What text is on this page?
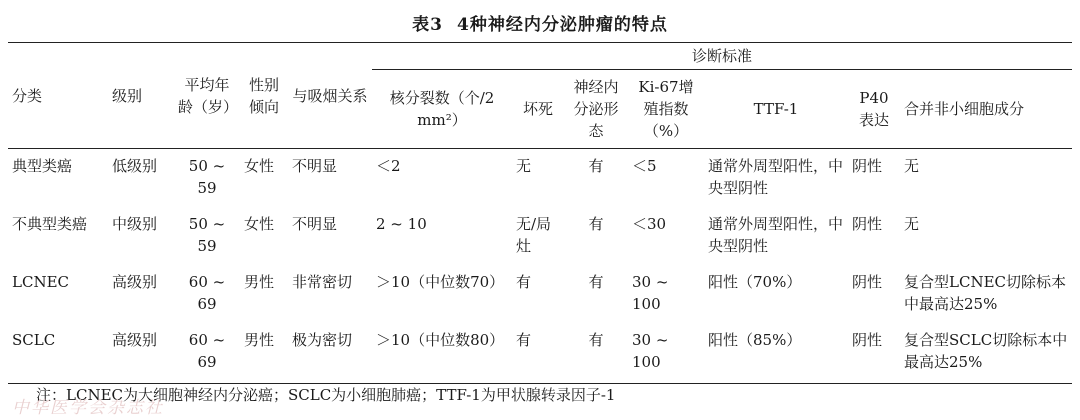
表3 4种神经内分泌肿瘤的特点
分类	级别	平均年龄（岁）	性别倾向	与吸烟关系	诊断标准						
					核分裂数（个/2 mm²）	坏死	神经内分泌形态	Ki-67增殖指数（%）	TTF-1	P40表达	合并非小细胞成分
典型类癌	低级别	50 ~ 59	女性	不明显	＜2	无	有	＜5	通常外周型阳性，中央型阴性	阴性	无
不典型类癌	中级别	50 ~ 59	女性	不明显	2 ~ 10	无/局灶	有	＜30	通常外周型阳性，中央型阴性	阴性	无
LCNEC	高级别	60 ~ 69	男性	非常密切	＞10（中位数70）	有	有	30 ~ 100	阳性（70%）	阴性	复合型LCNEC切除标本中最高达25%
SCLC	高级别	60 ~ 69	男性	极为密切	＞10（中位数80）	有	有	30 ~ 100	阳性（85%）	阴性	复合型SCLC切除标本中最高达25%
注：LCNEC为大细胞神经内分泌癌；SCLC为小细胞肺癌；TTF-1为甲状腺转录因子-1
中华医学会杂志社
